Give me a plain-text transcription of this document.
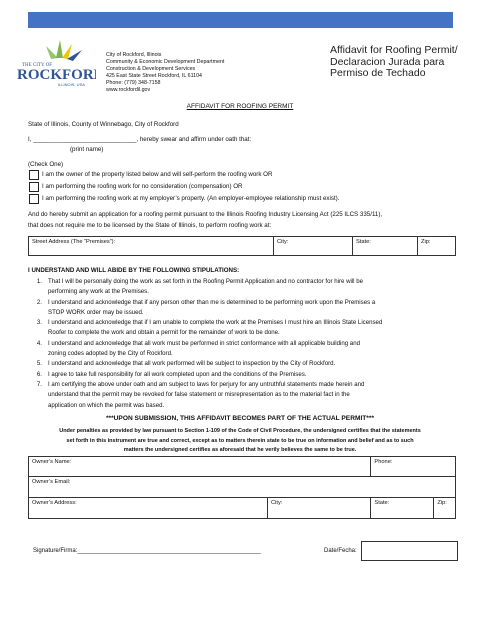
THE CITY OF
ROCKFORD
ILLINOIS, USA
City of Rockford, Illinois
Community & Economic Development Department
Construction & Development Services
425 East State Street Rockford, IL 61104
Phone: (779) 348-7158
www.rockfordil.gov
Affidavit for Roofing Permit/
Declaracion Jurada para
Permiso de Techado
AFFIDAVIT FOR ROOFING PERMIT
State of Illinois, County of Winnebago, City of Rockford
I, ______________________________, hereby swear and affirm under oath that:
(print name)
(Check One)
I am the owner of the property listed below and will self-perform the roofing work OR
I am performing the roofing work for no consideration (compensation) OR
I am performing the roofing work at my employer’s property. (An employer-employee relationship must exist).
And do hereby submit an application for a roofing permit pursuant to the Illinois Roofing Industry Licensing Act (225 ILCS 335/11),
that does not require me to be licensed by the State of Illinois, to perform roofing work at:
Street Address (The “Premises”):	City:	State:	Zip:
I UNDERSTAND AND WILL ABIDE BY THE FOLLOWING STIPULATIONS:
1. That I will be personally doing the work as set forth in the Roofing Permit Application and no contractor for hire will be
performing any work at the Premises.
2. I understand and acknowledge that if any person other than me is determined to be performing work upon the Premises a
STOP WORK order may be issued.
3. I understand and acknowledge that if I am unable to complete the work at the Premises I must hire an Illinois State Licensed
Roofer to complete the work and obtain a permit for the remainder of work to be done.
4. I understand and acknowledge that all work must be performed in strict conformance with all applicable building and
zoning codes adopted by the City of Rockford.
5. I understand and acknowledge that all work performed will be subject to inspection by the City of Rockford.
6. I agree to take full responsibility for all work completed upon and the conditions of the Premises.
7. I am certifying the above under oath and am subject to laws for perjury for any untruthful statements made herein and
understand that the permit may be revoked for false statement or misrepresentation as to the material fact in the
application on which the permit was based.
***UPON SUBMISSION, THIS AFFIDAVIT BECOMES PART OF THE ACTUAL PERMIT***
Under penalties as provided by law pursuant to Section 1-109 of the Code of Civil Procedure, the undersigned certifies that the statements
set forth in this instrument are true and correct, except as to matters therein state to be true on information and belief and as to such
matters the undersigned certifies as aforesaid that he verily believes the same to be true.
Owner’s Name:		Phone:	
Owner’s Email:			
Owner’s Address:	City:	State:	Zip:
Signature/Firma:_______________________________________________________	Date/Fecha:
